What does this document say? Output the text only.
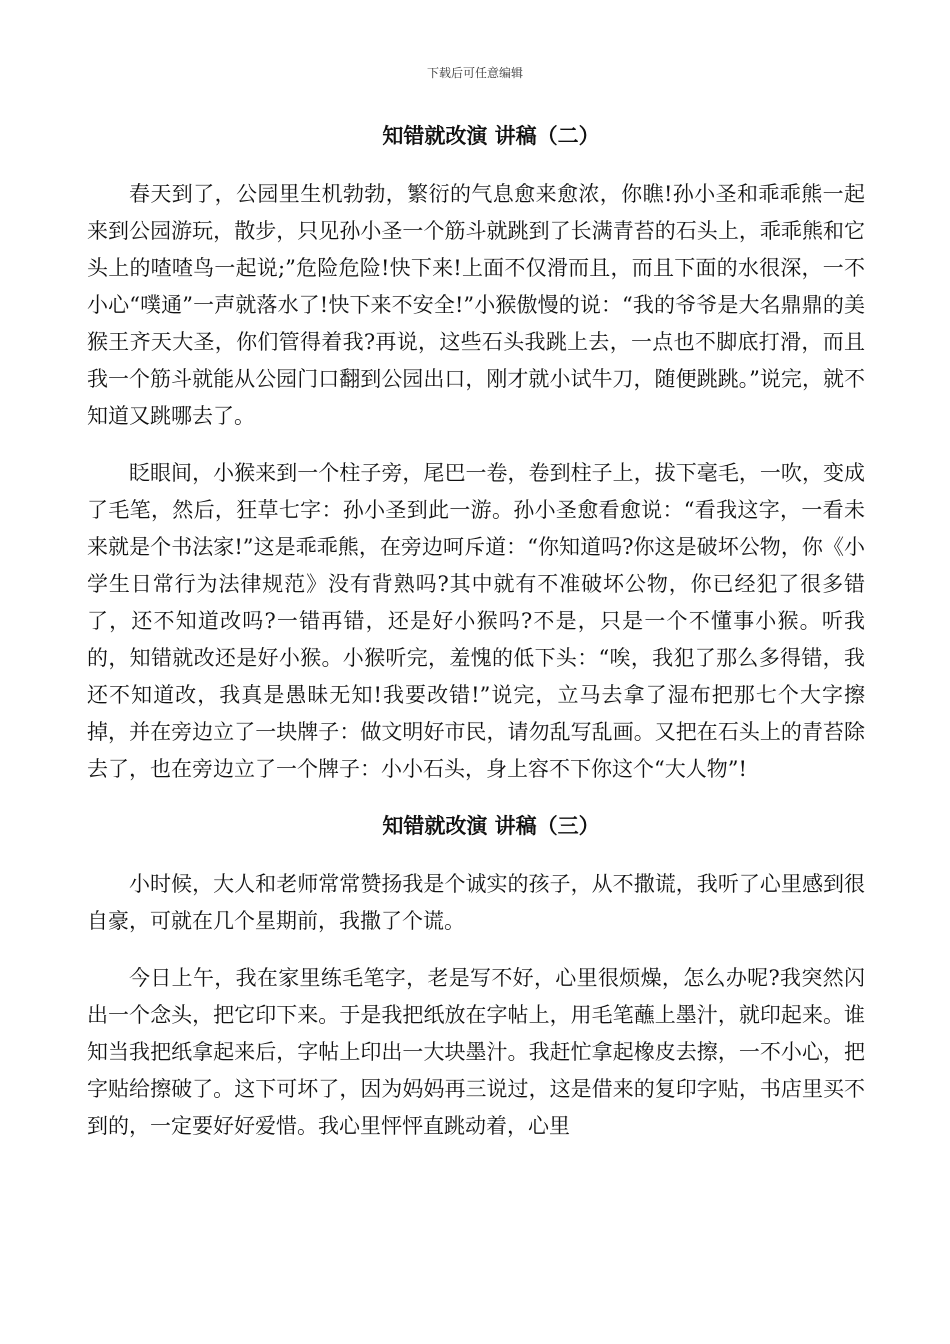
下载后可任意编辑
知错就改演 讲稿（二）

春天到了，公园里生机勃勃，繁衍的气息愈来愈浓，你瞧!孙小圣和乖乖熊一起来到公园游玩，散步，只见孙小圣一个筋斗就跳到了长满青苔的石头上，乖乖熊和它头上的喳喳鸟一起说;”危险危险!快下来!上面不仅滑而且，而且下面的水很深，一不小心“噗通”一声就落水了!快下来不安全!”小猴傲慢的说：“我的爷爷是大名鼎鼎的美猴王齐天大圣，你们管得着我?再说，这些石头我跳上去，一点也不脚底打滑，而且我一个筋斗就能从公园门口翻到公园出口，刚才就小试牛刀，随便跳跳。”说完，就不知道又跳哪去了。

眨眼间，小猴来到一个柱子旁，尾巴一卷，卷到柱子上，拔下毫毛，一吹，变成了毛笔，然后，狂草七字：孙小圣到此一游。孙小圣愈看愈说：“看我这字，一看未来就是个书法家!”这是乖乖熊，在旁边呵斥道：“你知道吗?你这是破坏公物，你《小学生日常行为法律规范》没有背熟吗?其中就有不准破坏公物，你已经犯了很多错了，还不知道改吗?一错再错，还是好小猴吗?不是，只是一个不懂事小猴。听我的，知错就改还是好小猴。小猴听完，羞愧的低下头：“唉，我犯了那么多得错，我还不知道改，我真是愚昧无知!我要改错!”说完，立马去拿了湿布把那七个大字擦掉，并在旁边立了一块牌子：做文明好市民，请勿乱写乱画。又把在石头上的青苔除去了，也在旁边立了一个牌子：小小石头，身上容不下你这个“大人物”!

知错就改演 讲稿（三）

小时候，大人和老师常常赞扬我是个诚实的孩子，从不撒谎，我听了心里感到很自豪，可就在几个星期前，我撒了个谎。

今日上午，我在家里练毛笔字，老是写不好，心里很烦燥，怎么办呢?我突然闪出一个念头，把它印下来。于是我把纸放在字帖上，用毛笔蘸上墨汁，就印起来。谁知当我把纸拿起来后，字帖上印出一大块墨汁。我赶忙拿起橡皮去擦，一不小心，把字贴给擦破了。这下可坏了，因为妈妈再三说过，这是借来的复印字贴，书店里买不到的，一定要好好爱惜。我心里怦怦直跳动着，心里
